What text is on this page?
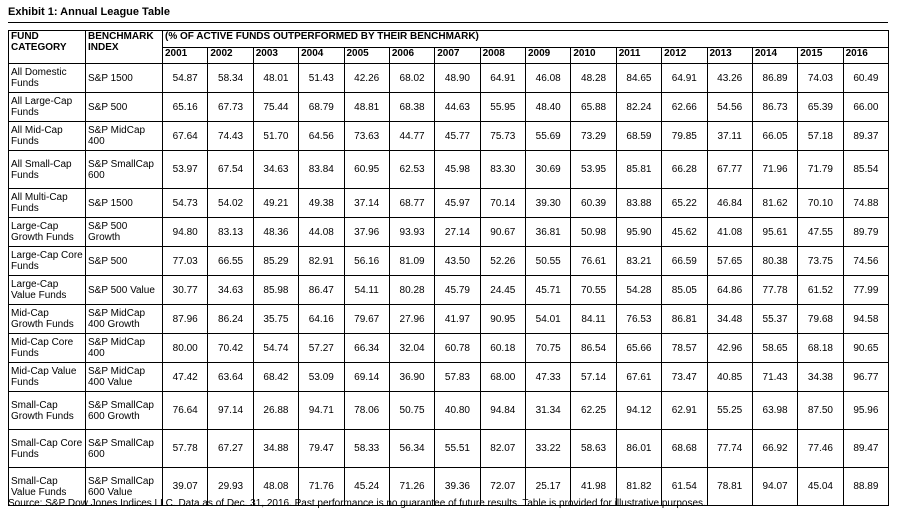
Exhibit 1: Annual League Table
FUND CATEGORY	BENCHMARK INDEX	(% OF ACTIVE FUNDS OUTPERFORMED BY THEIR BENCHMARK)															
		2001	2002	2003	2004	2005	2006	2007	2008	2009	2010	2011	2012	2013	2014	2015	2016
All Domestic Funds	S&P 1500	54.87	58.34	48.01	51.43	42.26	68.02	48.90	64.91	46.08	48.28	84.65	64.91	43.26	86.89	74.03	60.49
All Large-Cap Funds	S&P 500	65.16	67.73	75.44	68.79	48.81	68.38	44.63	55.95	48.40	65.88	82.24	62.66	54.56	86.73	65.39	66.00
All Mid-Cap Funds	S&P MidCap 400	67.64	74.43	51.70	64.56	73.63	44.77	45.77	75.73	55.69	73.29	68.59	79.85	37.11	66.05	57.18	89.37
All Small-Cap Funds	S&P SmallCap 600	53.97	67.54	34.63	83.84	60.95	62.53	45.98	83.30	30.69	53.95	85.81	66.28	67.77	71.96	71.79	85.54
All Multi-Cap Funds	S&P 1500	54.73	54.02	49.21	49.38	37.14	68.77	45.97	70.14	39.30	60.39	83.88	65.22	46.84	81.62	70.10	74.88
Large-Cap Growth Funds	S&P 500 Growth	94.80	83.13	48.36	44.08	37.96	93.93	27.14	90.67	36.81	50.98	95.90	45.62	41.08	95.61	47.55	89.79
Large-Cap Core Funds	S&P 500	77.03	66.55	85.29	82.91	56.16	81.09	43.50	52.26	50.55	76.61	83.21	66.59	57.65	80.38	73.75	74.56
Large-Cap Value Funds	S&P 500 Value	30.77	34.63	85.98	86.47	54.11	80.28	45.79	24.45	45.71	70.55	54.28	85.05	64.86	77.78	61.52	77.99
Mid-Cap Growth Funds	S&P MidCap 400 Growth	87.96	86.24	35.75	64.16	79.67	27.96	41.97	90.95	54.01	84.11	76.53	86.81	34.48	55.37	79.68	94.58
Mid-Cap Core Funds	S&P MidCap 400	80.00	70.42	54.74	57.27	66.34	32.04	60.78	60.18	70.75	86.54	65.66	78.57	42.96	58.65	68.18	90.65
Mid-Cap Value Funds	S&P MidCap 400 Value	47.42	63.64	68.42	53.09	69.14	36.90	57.83	68.00	47.33	57.14	67.61	73.47	40.85	71.43	34.38	96.77
Small-Cap Growth Funds	S&P SmallCap 600 Growth	76.64	97.14	26.88	94.71	78.06	50.75	40.80	94.84	31.34	62.25	94.12	62.91	55.25	63.98	87.50	95.96
Small-Cap Core Funds	S&P SmallCap 600	57.78	67.27	34.88	79.47	58.33	56.34	55.51	82.07	33.22	58.63	86.01	68.68	77.74	66.92	77.46	89.47
Small-Cap Value Funds	S&P SmallCap 600 Value	39.07	29.93	48.08	71.76	45.24	71.26	39.36	72.07	25.17	41.98	81.82	61.54	78.81	94.07	45.04	88.89
Source: S&P Dow Jones Indices LLC. Data as of Dec. 31, 2016. Past performance is no guarantee of future results. Table is provided for illustrative purposes.
